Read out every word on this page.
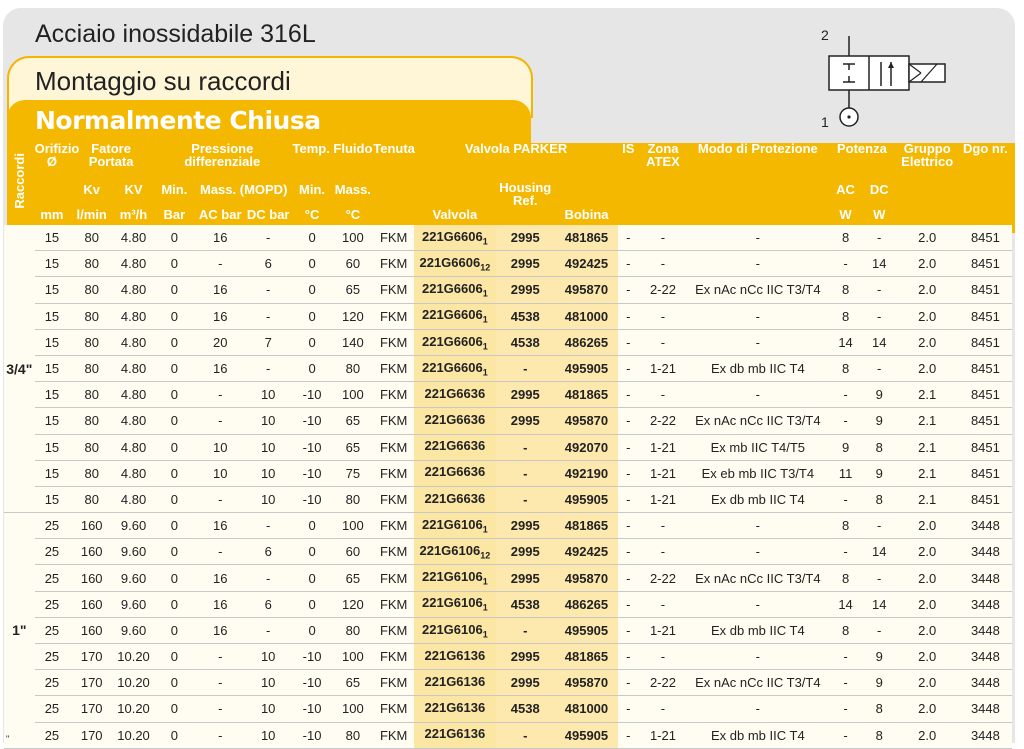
Acciaio inossidabile 316L
Montaggio su raccordi
Normalmente Chiusa
2
1
Raccordi	Orifizio Ø	Fatore Portata		Pressione differenziale			Temp. Fluido		Tenuta	Valvola PARKER			IS	Zona ATEX	Modo di Protezione	Potenza		Gruppo Elettrico	Dgo nr.
		Kv	KV	Min.	Mass. (MOPD)		Min.	Mass.		Valvola	Housing Ref.	Bobina				AC	DC		
	mm	l/min	m³/h	Bar	AC bar	DC bar	°C	°C								W	W		
3/4"	15	80	4.80	0	16	-	0	100	FKM	$221G6606_1$	2995	481865	-	-	-	8	-	2.0	8451
	15	80	4.80	0	-	6	0	60	FKM	$221G6606_{12}$	2995	492425	-	-	-	-	14	2.0	8451
	15	80	4.80	0	16	-	0	65	FKM	$221G6606_1$	2995	495870	-	2-22	Ex nAc nCc IIC T3/T4	8	-	2.0	8451
	15	80	4.80	0	16	-	0	120	FKM	$221G6606_1$	4538	481000	-	-	-	8	-	2.0	8451
	15	80	4.80	0	20	7	0	140	FKM	$221G6606_1$	4538	486265	-	-	-	14	14	2.0	8451
	15	80	4.80	0	16	-	0	80	FKM	$221G6606_1$	-	495905	-	1-21	Ex db mb IIC T4	8	-	2.0	8451
	15	80	4.80	0	-	10	-10	100	FKM	221G6636	2995	481865	-	-	-	-	9	2.1	8451
	15	80	4.80	0	-	10	-10	65	FKM	221G6636	2995	495870	-	2-22	Ex nAc nCc IIC T3/T4	-	9	2.1	8451
	15	80	4.80	0	10	10	-10	65	FKM	221G6636	-	492070	-	1-21	Ex mb IIC T4/T5	9	8	2.1	8451
	15	80	4.80	0	10	10	-10	75	FKM	221G6636	-	492190	-	1-21	Ex eb mb IIC T3/T4	11	9	2.1	8451
	15	80	4.80	0	-	10	-10	80	FKM	221G6636	-	495905	-	1-21	Ex db mb IIC T4	-	8	2.1	8451
1"	25	160	9.60	0	16	-	0	100	FKM	$221G6106_1$	2995	481865	-	-	-	8	-	2.0	3448
	25	160	9.60	0	-	6	0	60	FKM	$221G6106_{12}$	2995	492425	-	-	-	-	14	2.0	3448
	25	160	9.60	0	16	-	0	65	FKM	$221G6106_1$	2995	495870	-	2-22	Ex nAc nCc IIC T3/T4	8	-	2.0	3448
	25	160	9.60	0	16	6	0	120	FKM	$221G6106_1$	4538	486265	-	-	-	14	14	2.0	3448
	25	160	9.60	0	16	-	0	80	FKM	$221G6106_1$	-	495905	-	1-21	Ex db mb IIC T4	8	-	2.0	3448
	25	170	10.20	0	-	10	-10	100	FKM	221G6136	2995	481865	-	-	-	-	9	2.0	3448
	25	170	10.20	0	-	10	-10	65	FKM	221G6136	2995	495870	-	2-22	Ex nAc nCc IIC T3/T4	-	9	2.0	3448
	25	170	10.20	0	-	10	-10	100	FKM	221G6136	4538	481000	-	-	-	-	8	2.0	3448
	25	170	10.20	0	-	10	-10	80	FKM	221G6136	-	495905	-	1-21	Ex db mb IIC T4	-	8	2.0	3448
"
